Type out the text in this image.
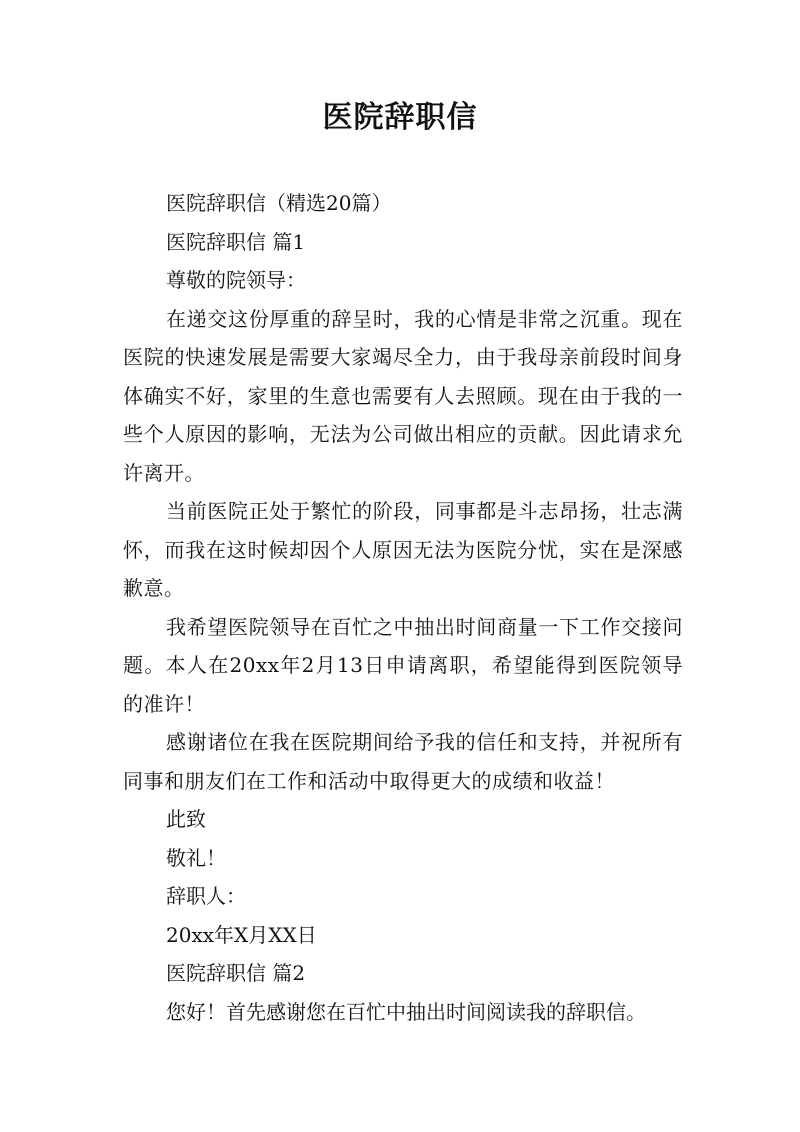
医院辞职信
医院辞职信（精选20篇）
医院辞职信 篇1
尊敬的院领导：

在递交这份厚重的辞呈时，我的心情是非常之沉重。现在医院的快速发展是需要大家竭尽全力，由于我母亲前段时间身体确实不好，家里的生意也需要有人去照顾。现在由于我的一些个人原因的影响，无法为公司做出相应的贡献。因此请求允许离开。

当前医院正处于繁忙的阶段，同事都是斗志昂扬，壮志满怀，而我在这时候却因个人原因无法为医院分忧，实在是深感歉意。

我希望医院领导在百忙之中抽出时间商量一下工作交接问题。本人在20xx年2月13日申请离职，希望能得到医院领导的准许！

感谢诸位在我在医院期间给予我的信任和支持，并祝所有同事和朋友们在工作和活动中取得更大的成绩和收益！

此致
敬礼！
辞职人：
20xx年X月XX日
医院辞职信 篇2
您好！首先感谢您在百忙中抽出时间阅读我的辞职信。
